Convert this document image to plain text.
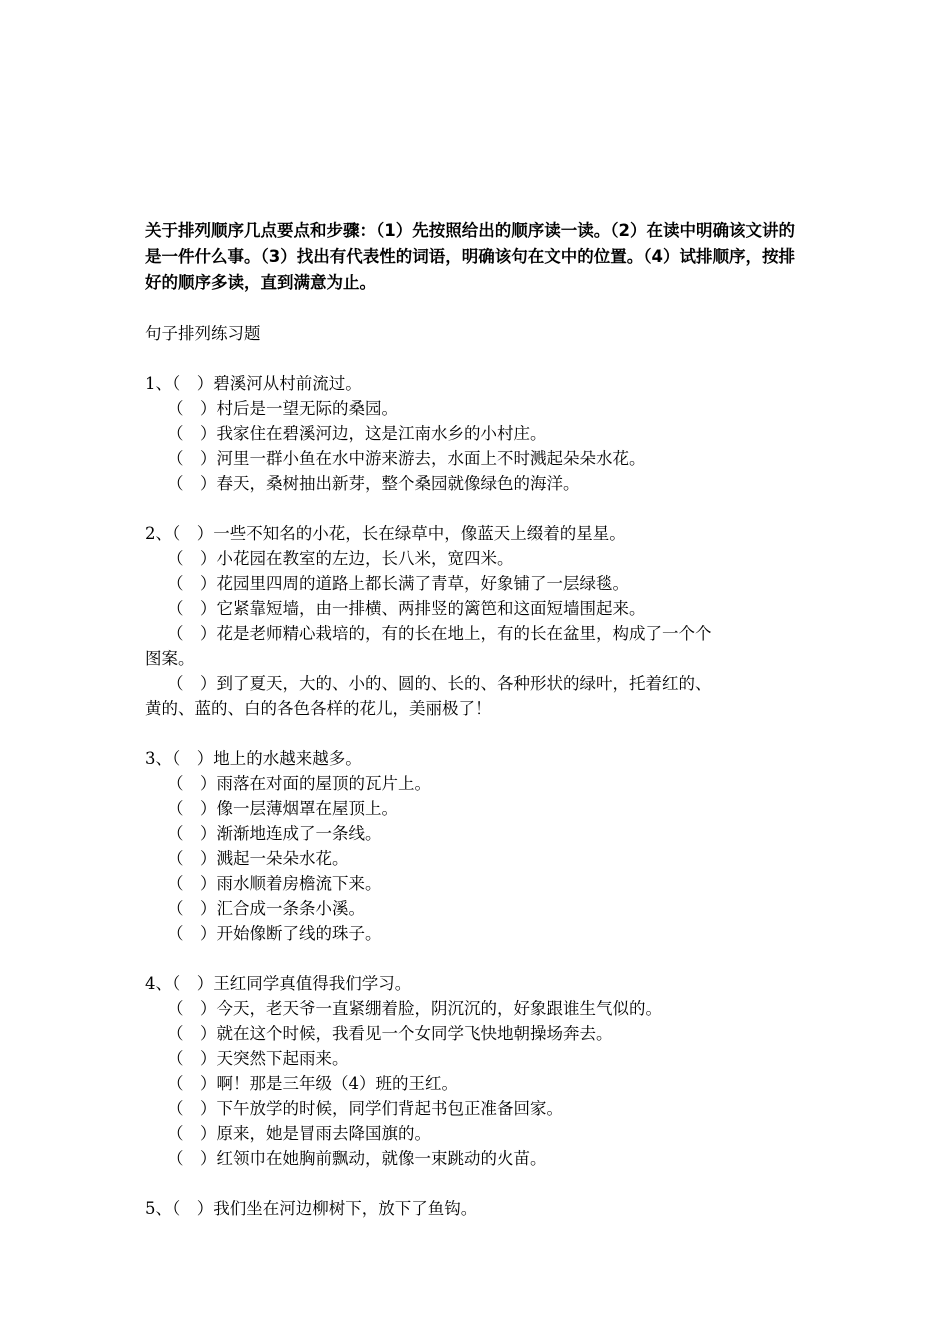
关于排列顺序几点要点和步骤：（1）先按照给出的顺序读一读。（2）在读中明确该文讲的是一件什么事。（3）找出有代表性的词语，明确该句在文中的位置。（4）试排顺序，按排好的顺序多读，直到满意为止。

句子排列练习题

1、（　）碧溪河从村前流过。

（　）村后是一望无际的桑园。

（　）我家住在碧溪河边，这是江南水乡的小村庄。

（　）河里一群小鱼在水中游来游去，水面上不时溅起朵朵水花。

（　）春天，桑树抽出新芽，整个桑园就像绿色的海洋。

2、（　）一些不知名的小花，长在绿草中，像蓝天上缀着的星星。

（　）小花园在教室的左边，长八米，宽四米。

（　）花园里四周的道路上都长满了青草，好象铺了一层绿毯。

（　）它紧靠短墙，由一排横、两排竖的篱笆和这面短墙围起来。

（　）花是老师精心栽培的，有的长在地上，有的长在盆里，构成了一个个

图案。

（　）到了夏天，大的、小的、圆的、长的、各种形状的绿叶，托着红的、

黄的、蓝的、白的各色各样的花儿，美丽极了！

3、（　）地上的水越来越多。

（　）雨落在对面的屋顶的瓦片上。

（　）像一层薄烟罩在屋顶上。

（　）渐渐地连成了一条线。

（　）溅起一朵朵水花。

（　）雨水顺着房檐流下来。

（　）汇合成一条条小溪。

（　）开始像断了线的珠子。

4、（　）王红同学真值得我们学习。

（　）今天，老天爷一直紧绷着脸，阴沉沉的，好象跟谁生气似的。

（　）就在这个时候，我看见一个女同学飞快地朝操场奔去。

（　）天突然下起雨来。

（　）啊！那是三年级（4）班的王红。

（　）下午放学的时候，同学们背起书包正准备回家。

（　）原来，她是冒雨去降国旗的。

（　）红领巾在她胸前飘动，就像一束跳动的火苗。

5、（　）我们坐在河边柳树下，放下了鱼钩。
